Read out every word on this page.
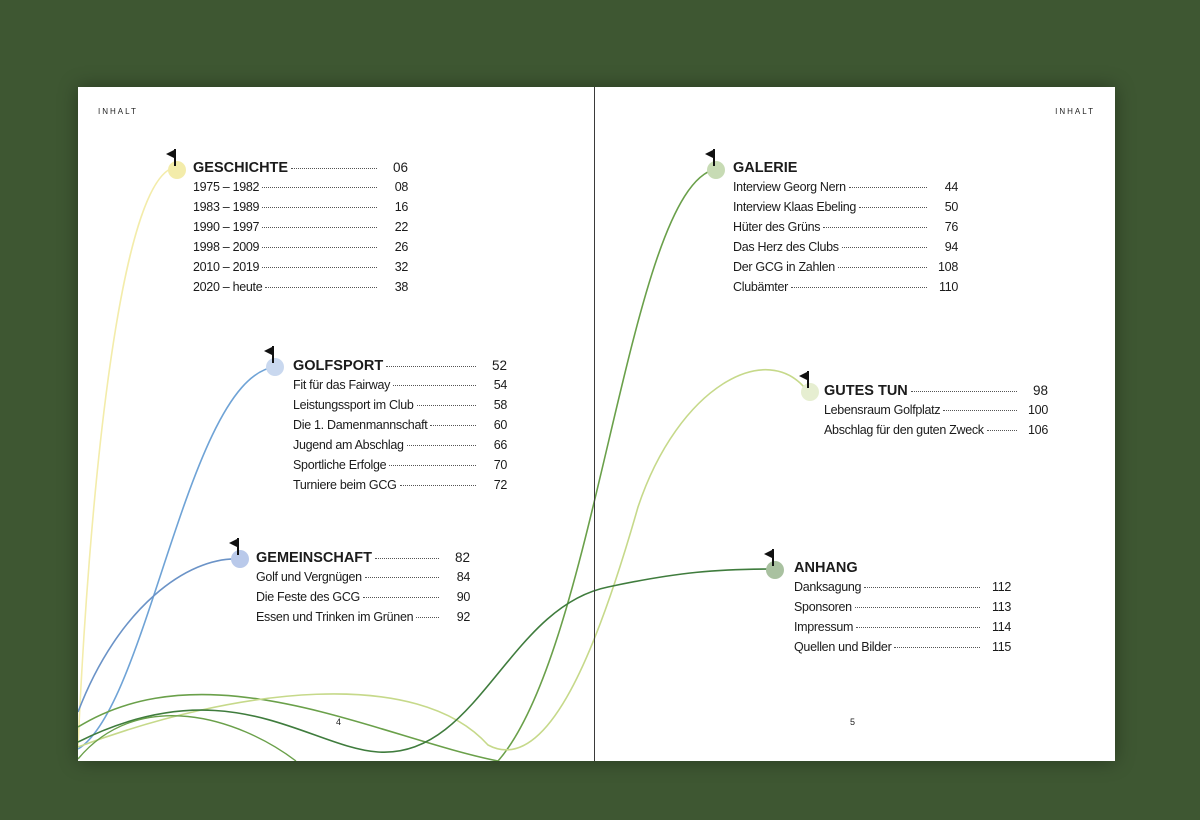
INHALT	INHALT
4	5
GESCHICHTE	06
1975 – 1982	08
1983 – 1989	16
1990 – 1997	22
1998 – 2009	26
2010 – 2019	32
2020 – heute	38
GOLFSPORT	52
Fit für das Fairway	54
Leistungssport im Club	58
Die 1. Damenmannschaft	60
Jugend am Abschlag	66
Sportliche Erfolge	70
Turniere beim GCG	72
GEMEINSCHAFT	82
Golf und Vergnügen	84
Die Feste des GCG	90
Essen und Trinken im Grünen	92
GALERIE
Interview Georg Nern	44
Interview Klaas Ebeling	50
Hüter des Grüns	76
Das Herz des Clubs	94
Der GCG in Zahlen	108
Clubämter	110
GUTES TUN	98
Lebensraum Golfplatz	100
Abschlag für den guten Zweck	106
ANHANG
Danksagung	112
Sponsoren	113
Impressum	114
Quellen und Bilder	115
